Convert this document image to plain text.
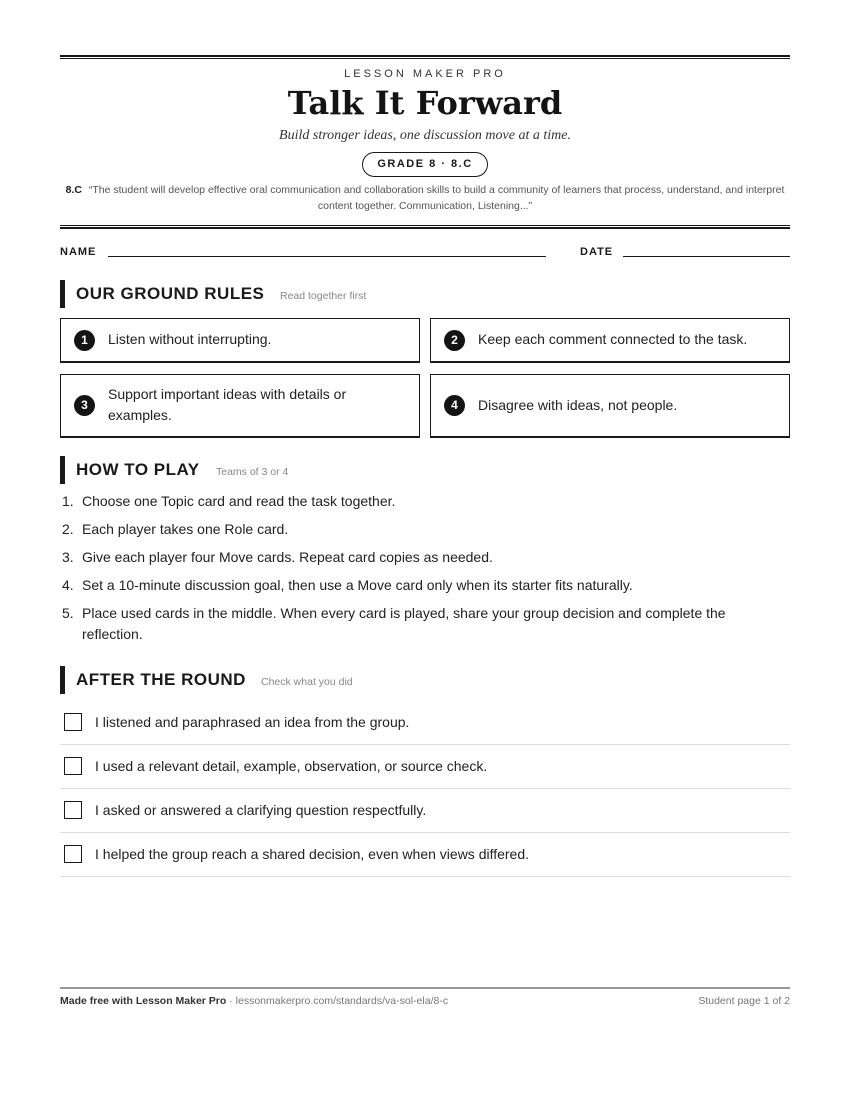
LESSON MAKER PRO
Talk It Forward
Build stronger ideas, one discussion move at a time.
GRADE 8 · 8.C
8.C “The student will develop effective oral communication and collaboration skills to build a community of learners that process, understand, and interpret content together. Communication, Listening...”
NAME	DATE
OUR GROUND RULES Read together first
1	Listen without interrupting.	2	Keep each comment connected to the task.
3
Support important ideas with details or examples.
4	Disagree with ideas, not people.
HOW TO PLAY Teams of 3 or 4
1. Choose one Topic card and read the task together.
2. Each player takes one Role card.
3. Give each player four Move cards. Repeat card copies as needed.
4. Set a 10-minute discussion goal, then use a Move card only when its starter fits naturally.
5. Place used cards in the middle. When every card is played, share your group decision and complete the reflection.
AFTER THE ROUND Check what you did
I listened and paraphrased an idea from the group.
I used a relevant detail, example, observation, or source check.
I asked or answered a clarifying question respectfully.
I helped the group reach a shared decision, even when views differed.
Made free with Lesson Maker Pro · lessonmakerpro.com/standards/va-sol-ela/8-c	Student page 1 of 2
